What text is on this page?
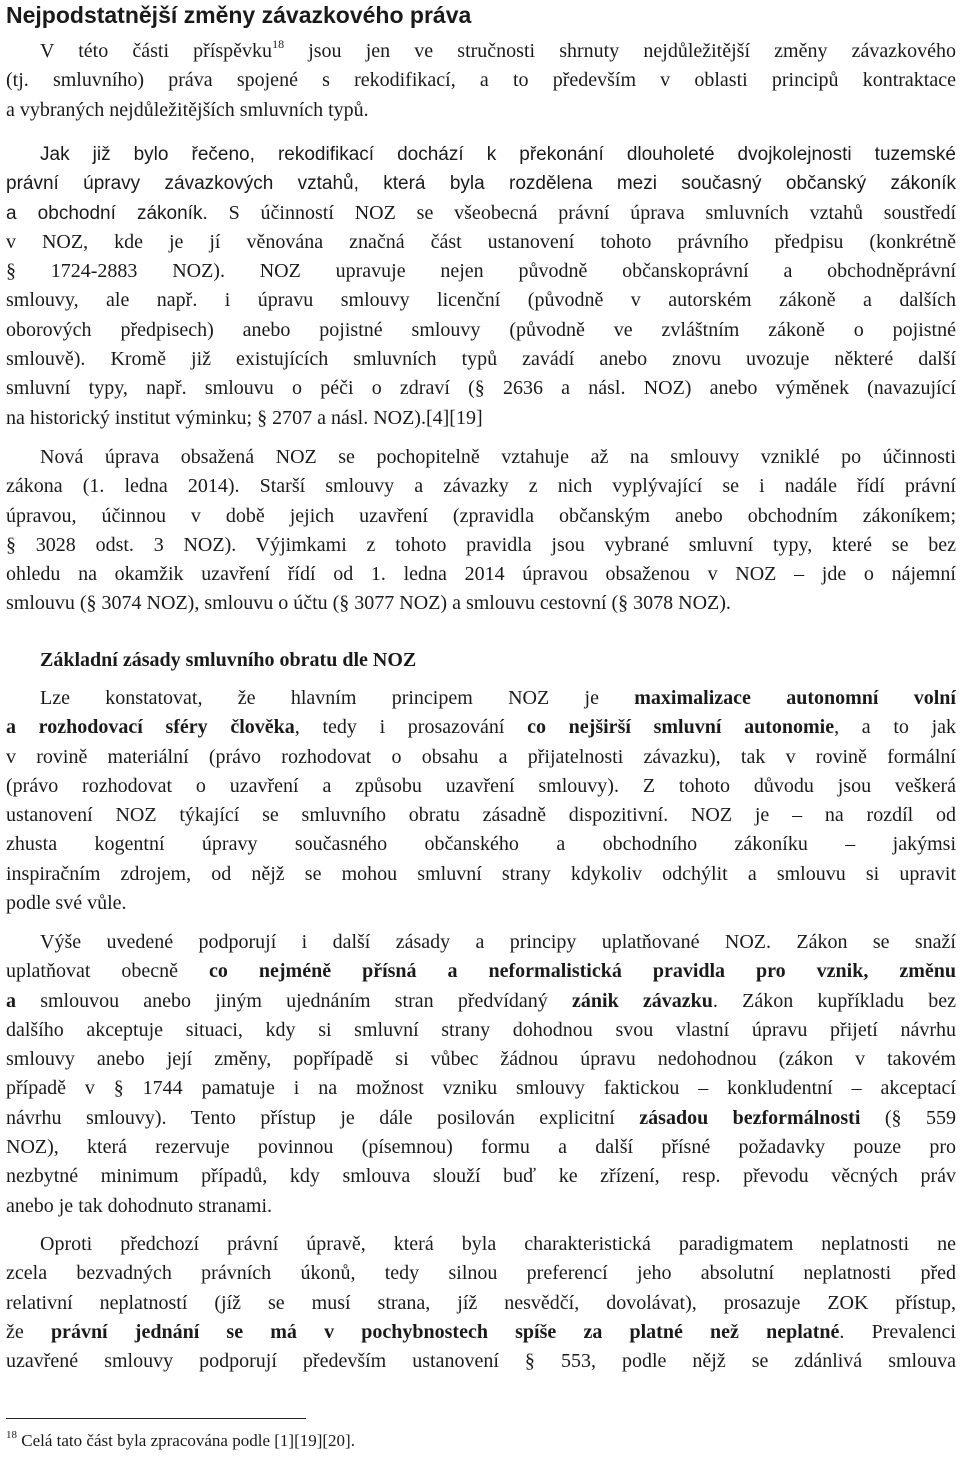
Nejpodstatnější změny závazkového práva

V této části příspěvku$^{18}$ jsou jen ve stručnosti shrnuty nejdůležitější změny závazkového
(tj. smluvního) práva spojené s rekodifikací, a to především v oblasti principů kontraktace
a vybraných nejdůležitějších smluvních typů.

Jak již bylo řečeno, rekodifikací dochází k překonání dlouholeté dvojkolejnosti tuzemské
právní úpravy závazkových vztahů, která byla rozdělena mezi současný občanský zákoník
a obchodní zákoník. S účinností NOZ se všeobecná právní úprava smluvních vztahů soustředí
v NOZ, kde je jí věnována značná část ustanovení tohoto právního předpisu (konkrétně
§ 1724-2883 NOZ). NOZ upravuje nejen původně občanskoprávní a obchodněprávní
smlouvy, ale např. i úpravu smlouvy licenční (původně v autorském zákoně a dalších
oborových předpisech) anebo pojistné smlouvy (původně ve zvláštním zákoně o pojistné
smlouvě). Kromě již existujících smluvních typů zavádí anebo znovu uvozuje některé další
smluvní typy, např. smlouvu o péči o zdraví (§ 2636 a násl. NOZ) anebo výměnek (navazující
na historický institut výminku; § 2707 a násl. NOZ).[4][19]

Nová úprava obsažená NOZ se pochopitelně vztahuje až na smlouvy vzniklé po účinnosti
zákona (1. ledna 2014). Starší smlouvy a závazky z nich vyplývající se i nadále řídí právní
úpravou, účinnou v době jejich uzavření (zpravidla občanským anebo obchodním zákoníkem;
§ 3028 odst. 3 NOZ). Výjimkami z tohoto pravidla jsou vybrané smluvní typy, které se bez
ohledu na okamžik uzavření řídí od 1. ledna 2014 úpravou obsaženou v NOZ – jde o nájemní
smlouvu (§ 3074 NOZ), smlouvu o účtu (§ 3077 NOZ) a smlouvu cestovní (§ 3078 NOZ).

Základní zásady smluvního obratu dle NOZ

Lze konstatovat, že hlavním principem NOZ je maximalizace autonomní volní
a rozhodovací sféry člověka, tedy i prosazování co nejširší smluvní autonomie, a to jak
v rovině materiální (právo rozhodovat o obsahu a přijatelnosti závazku), tak v rovině formální
(právo rozhodovat o uzavření a způsobu uzavření smlouvy). Z tohoto důvodu jsou veškerá
ustanovení NOZ týkající se smluvního obratu zásadně dispozitivní. NOZ je – na rozdíl od
zhusta kogentní úpravy současného občanského a obchodního zákoníku – jakýmsi
inspiračním zdrojem, od nějž se mohou smluvní strany kdykoliv odchýlit a smlouvu si upravit
podle své vůle.

Výše uvedené podporují i další zásady a principy uplatňované NOZ. Zákon se snaží
uplatňovat obecně co nejméně přísná a neformalistická pravidla pro vznik, změnu
a smlouvou anebo jiným ujednáním stran předvídaný zánik závazku. Zákon kupříkladu bez
dalšího akceptuje situaci, kdy si smluvní strany dohodnou svou vlastní úpravu přijetí návrhu
smlouvy anebo její změny, popřípadě si vůbec žádnou úpravu nedohodnou (zákon v takovém
případě v § 1744 pamatuje i na možnost vzniku smlouvy faktickou – konkludentní – akceptací
návrhu smlouvy). Tento přístup je dále posilován explicitní zásadou bezformálnosti (§ 559
NOZ), která rezervuje povinnou (písemnou) formu a další přísné požadavky pouze pro
nezbytné minimum případů, kdy smlouva slouží buď ke zřízení, resp. převodu věcných práv
anebo je tak dohodnuto stranami.

Oproti předchozí právní úpravě, která byla charakteristická paradigmatem neplatnosti ne
zcela bezvadných právních úkonů, tedy silnou preferencí jeho absolutní neplatnosti před
relativní neplatností (jíž se musí strana, jíž nesvědčí, dovolávat), prosazuje ZOK přístup,
že právní jednání se má v pochybnostech spíše za platné než neplatné. Prevalenci
uzavřené smlouvy podporují především ustanovení § 553, podle nějž se zdánlivá smlouva

$^{18}$ Celá tato část byla zpracována podle [1][19][20].
